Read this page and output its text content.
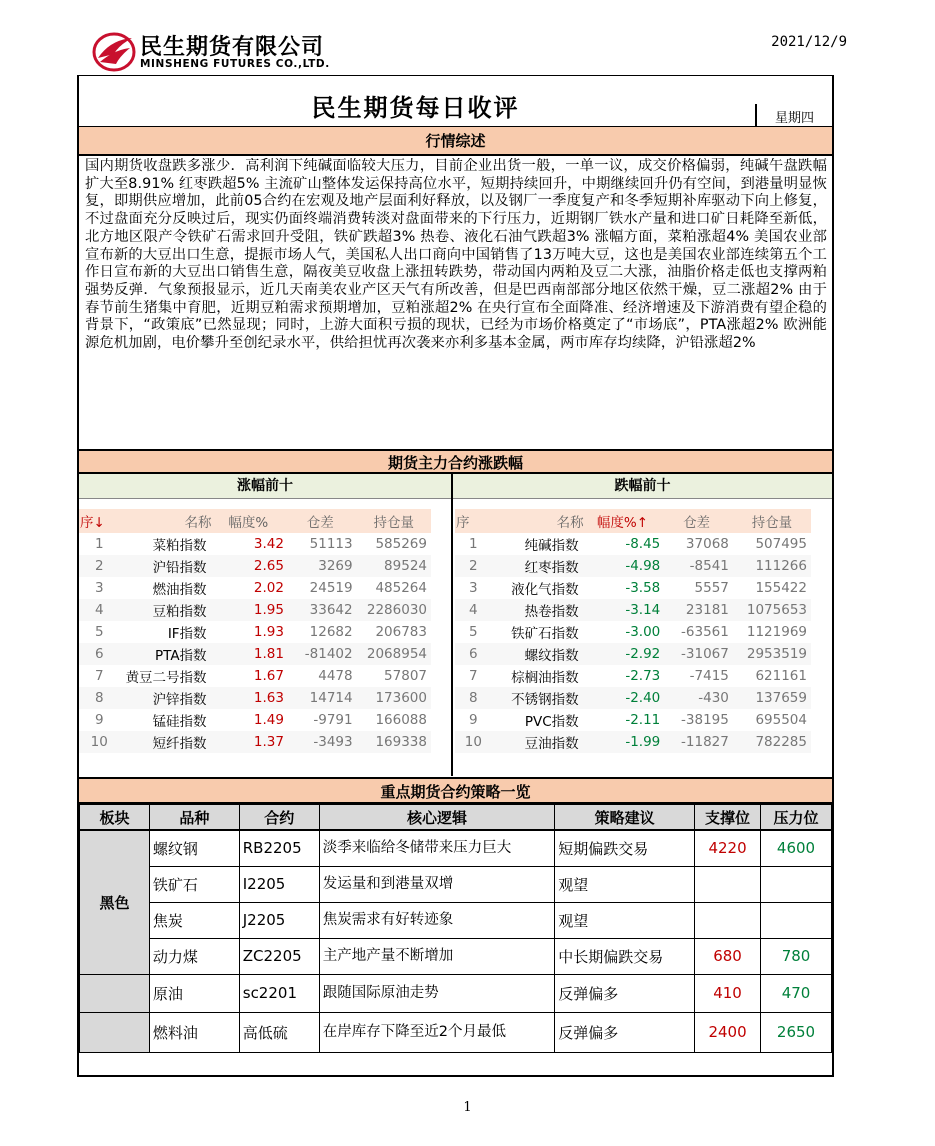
民生期货有限公司
MINSHENG FUTURES CO.,LTD.
2021/12/9
民生期货每日收评	星期四
行情综述
国内期货收盘跌多涨少．高利润下纯碱面临较大压力，目前企业出货一般，一单一议，成交价格偏弱，纯碱午盘跌幅扩大至8.91% 红枣跌超5% 主流矿山整体发运保持高位水平，短期持续回升，中期继续回升仍有空间，到港量明显恢复，即期供应增加，此前05合约在宏观及地产层面利好释放，以及钢厂一季度复产和冬季短期补库驱动下向上修复，不过盘面充分反映过后，现实仍面终端消费转淡对盘面带来的下行压力，近期钢厂铁水产量和进口矿日耗降至新低，北方地区限产令铁矿石需求回升受阻，铁矿跌超3% 热卷、液化石油气跌超3% 涨幅方面，菜粕涨超4% 美国农业部宣布新的大豆出口生意，提振市场人气，美国私人出口商向中国销售了13万吨大豆，这也是美国农业部连续第五个工作日宣布新的大豆出口销售生意，隔夜美豆收盘上涨扭转跌势，带动国内两粕及豆二大涨，油脂价格走低也支撑两粕强势反弹．气象预报显示，近几天南美农业产区天气有所改善，但是巴西南部部分地区依然干燥，豆二涨超2% 由于春节前生猪集中育肥，近期豆粕需求预期增加，豆粕涨超2% 在央行宣布全面降准、经济增速及下游消费有望企稳的背景下，“政策底”已然显现；同时，上游大面积亏损的现状，已经为市场价格奠定了“市场底”，PTA涨超2% 欧洲能源危机加剧，电价攀升至创纪录水平，供给担忧再次袭来亦利多基本金属，两市库存均续降，沪铅涨超2%
期货主力合约涨跌幅
涨幅前十	跌幅前十
序↓	名称	幅度%	仓差	持仓量
1	菜粕指数	3.42	51113	585269
2	沪铅指数	2.65	3269	89524
3	燃油指数	2.02	24519	485264
4	豆粕指数	1.95	33642	2286030
5	IF指数	1.93	12682	206783
6	PTA指数	1.81	-81402	2068954
7	黄豆二号指数	1.67	4478	57807
8	沪锌指数	1.63	14714	173600
9	锰硅指数	1.49	-9791	166088
10	短纤指数	1.37	-3493	169338
序	名称	幅度%↑	仓差	持仓量
1	纯碱指数	-8.45	37068	507495
2	红枣指数	-4.98	-8541	111266
3	液化气指数	-3.58	5557	155422
4	热卷指数	-3.14	23181	1075653
5	铁矿石指数	-3.00	-63561	1121969
6	螺纹指数	-2.92	-31067	2953519
7	棕榈油指数	-2.73	-7415	621161
8	不锈钢指数	-2.40	-430	137659
9	PVC指数	-2.11	-38195	695504
10	豆油指数	-1.99	-11827	782285
重点期货合约策略一览
板块	品种	合约	核心逻辑	策略建议	支撑位	压力位
黑色	螺纹钢	RB2205	淡季来临给冬储带来压力巨大	短期偏跌交易	4220	4600
	铁矿石	I2205	发运量和到港量双增	观望		
	焦炭	J2205	焦炭需求有好转迹象	观望		
	动力煤	ZC2205	主产地产量不断增加	中长期偏跌交易	680	780
	原油	sc2201	跟随国际原油走势	反弹偏多	410	470
	燃料油	高低硫	在岸库存下降至近2个月最低	反弹偏多	2400	2650
1
